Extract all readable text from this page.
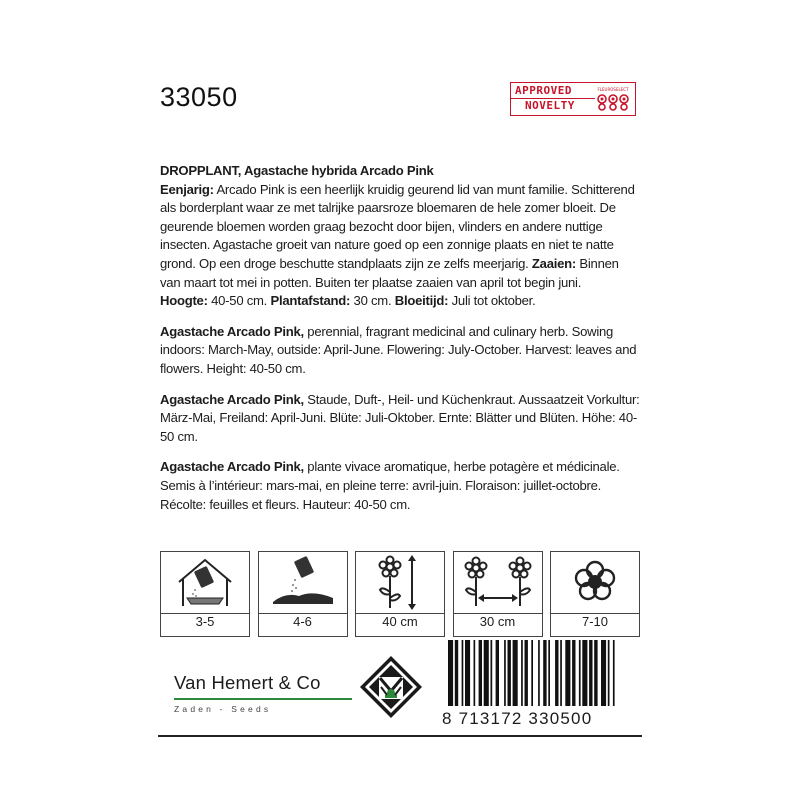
33050	APPROVED
NOVELTY
FLEUROSELECT

DROPPLANT, Agastache hybrida Arcado Pink
Eenjarig: Arcado Pink is een heerlijk kruidig geurend lid van munt familie. Schitterend als borderplant waar ze met talrijke paarsroze bloemaren de hele zomer bloeit. De geurende bloemen worden graag bezocht door bijen, vlinders en andere nuttige insecten. Agastache groeit van nature goed op een zonnige plaats en niet te natte grond. Op een droge beschutte standplaats zijn ze zelfs meerjarig. Zaaien: Binnen van maart tot mei in potten. Buiten ter plaatse zaaien van april tot begin juni.
Hoogte: 40-50 cm. Plantafstand: 30 cm. Bloeitijd: Juli tot oktober.

Agastache Arcado Pink, perennial, fragrant medicinal and culinary herb. Sowing indoors: March-May, outside: April-June. Flowering: July-October. Harvest: leaves and flowers. Height: 40-50 cm.

Agastache Arcado Pink, Staude, Duft-, Heil- und Küchenkraut. Aussaatzeit Vorkultur: März-Mai, Freiland: April-Juni. Blüte: Juli-Oktober. Ernte: Blätter und Blüten. Höhe: 40-50 cm.

Agastache Arcado Pink, plante vivace aromatique, herbe potagère et médicinale. Semis à l’intérieur: mars-mai, en pleine terre: avril-juin. Floraison: juillet-octobre. Récolte: feuilles et fleurs. Hauteur: 40-50 cm.

3-5	4-6	40 cm	30 cm	7-10
Van Hemert & Co
Zaden - Seeds
8 713172 330500
